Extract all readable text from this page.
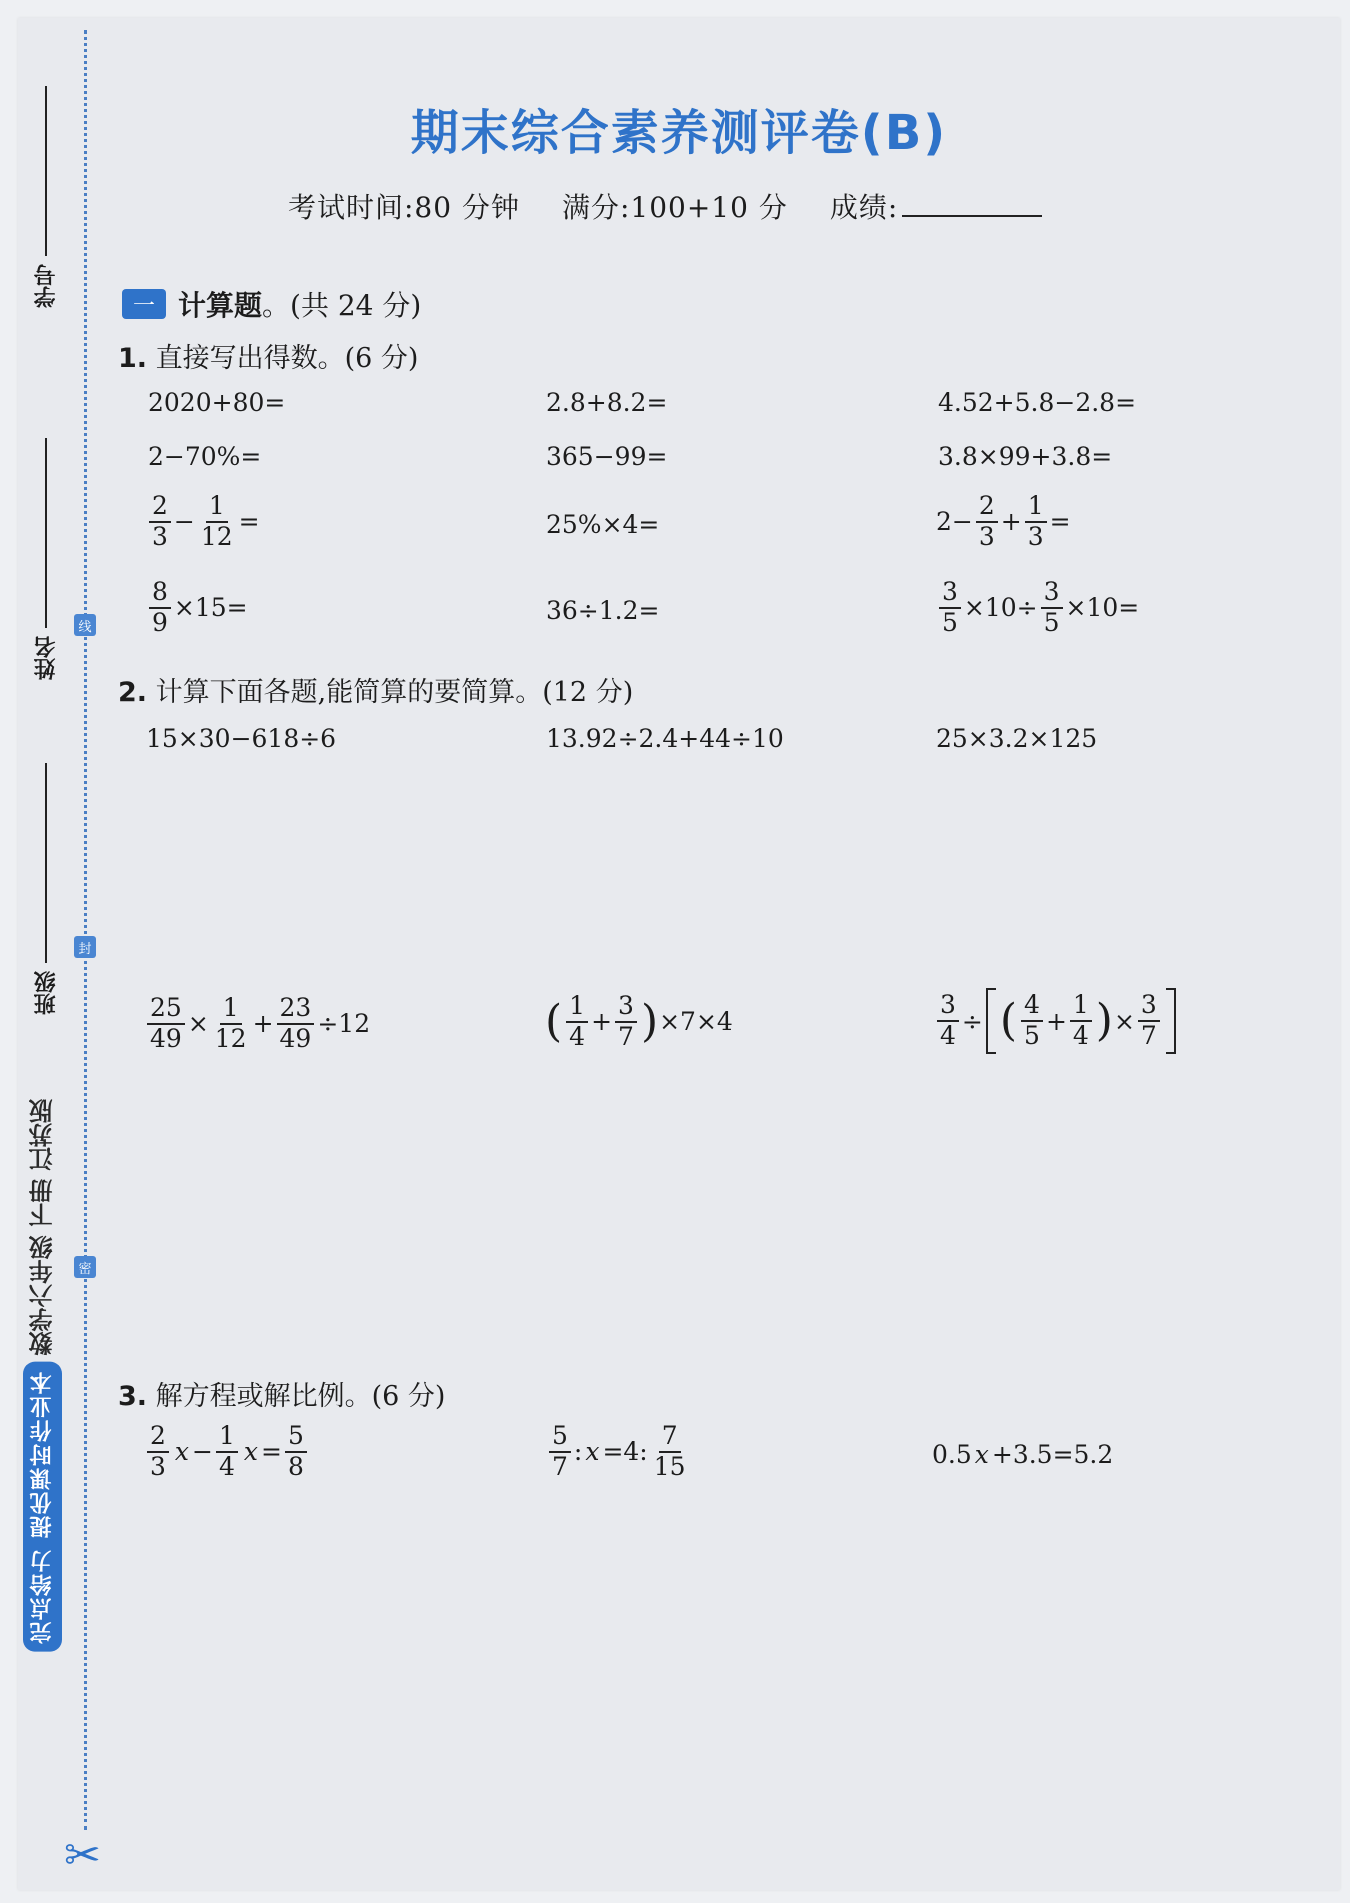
学号
姓名
班级
线
封
密
数学六年级 下册 江苏版
完点给力 提优课时作业本
✂
期末综合素养测评卷(B)
考试时间:80 分钟 满分:100+10 分 成绩:
一 计算题 。(共 24 分)
1. 直接写出得数。(6 分)
2020+80=	2.8+8.2=	4.52+5.8−2.8=
2−70%=	365−99=	3.8×99+3.8=
$\frac{2}{3} - \frac{1}{12}$ =	25%×4=	$2- \frac{2}{3} + \frac{1}{3}$ =
$\frac{8}{9} \times 15=$	36÷1.2=	$\frac{3}{5} \times 10\div \frac{3}{5} \times 10=$
2. 计算下面各题,能简算的要简算。(12 分)
15×30−618÷6	13.92÷2.4+44÷10	25×3.2×125
$\frac{25}{49} \times \frac{1}{12} + \frac{23}{49} \div 12$	( $\frac{1}{4} + \frac{3}{7}$ ) ×7×4	$\frac{3}{4}$ ÷ ( $\frac{4}{5} + \frac{1}{4}$ ) × $\frac{3}{7}$
3. 解方程或解比例。(6 分)
$\frac{2}{3}$ $x - \frac{1}{4}$ $x = \frac{5}{8}$	$\frac{5}{7}$ : x =4: $\frac{7}{15}$	0.5 x +3.5=5.2
